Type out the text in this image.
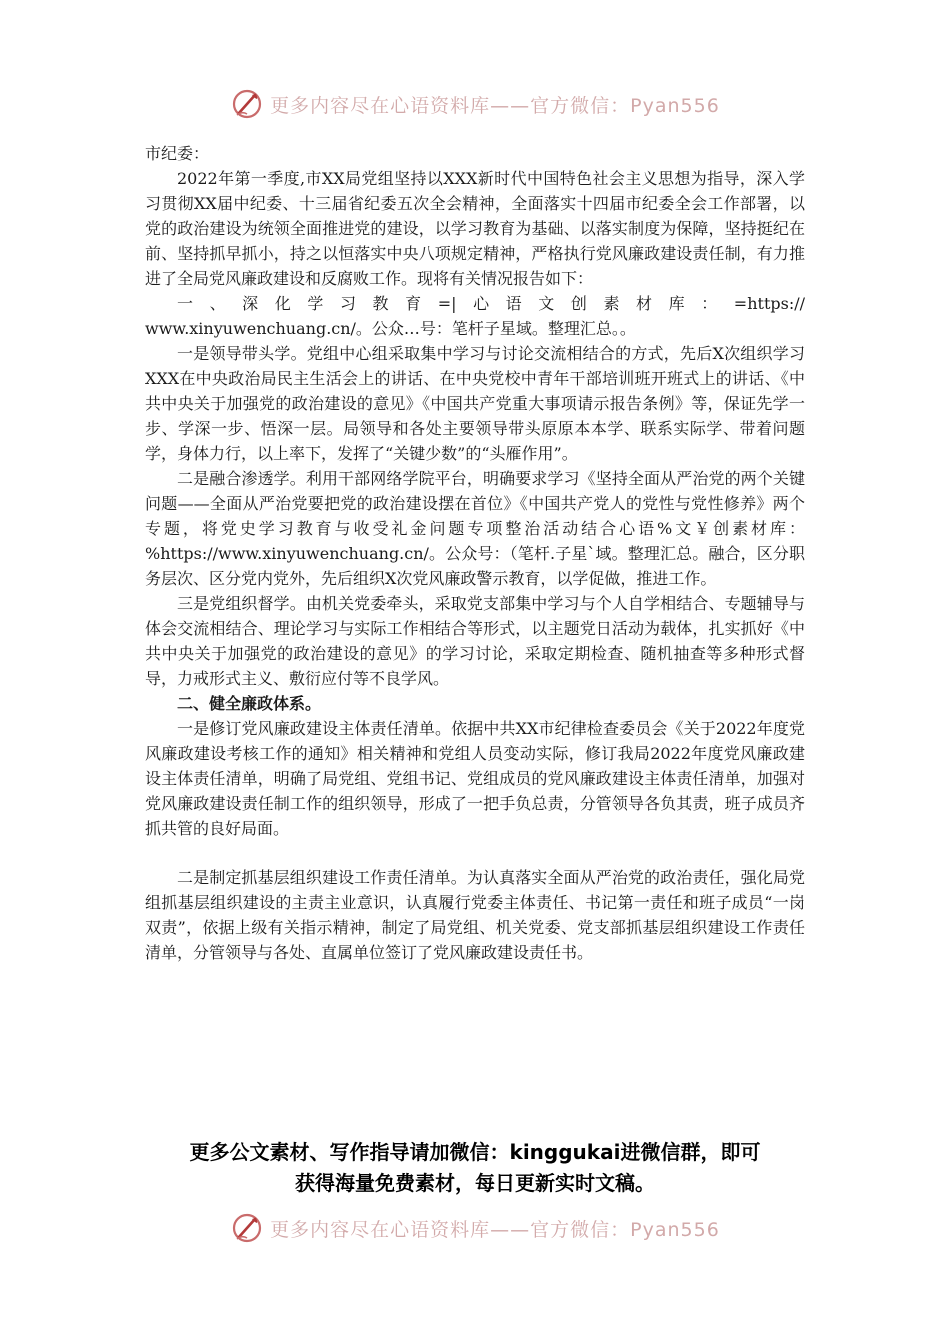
更多内容尽在心语资料库——官方微信：Pyan556

市纪委：

2022年第一季度,市XX局党组坚持以XXX新时代中国特色社会主义思想为指导，深入学习贯彻XX届中纪委、十三届省纪委五次全会精神，全面落实十四届市纪委全会工作部署，以党的政治建设为统领全面推进党的建设，以学习教育为基础、以落实制度为保障，坚持挺纪在前、坚持抓早抓小，持之以恒落实中央八项规定精神，严格执行党风廉政建设责任制，有力推进了全局党风廉政建设和反腐败工作。现将有关情况报告如下：

一、深化学习教育=|心语文创素材库：=https://

www.xinyuwenchuang.cn/。公众…号：笔杆子星域。整理汇总。。

一是领导带头学。党组中心组采取集中学习与讨论交流相结合的方式，先后X次组织学习XXX在中央政治局民主生活会上的讲话、在中央党校中青年干部培训班开班式上的讲话、《中共中央关于加强党的政治建设的意见》《中国共产党重大事项请示报告条例》等，保证先学一步、学深一步、悟深一层。局领导和各处主要领导带头原原本本学、联系实际学、带着问题学，身体力行，以上率下，发挥了“关键少数”的“头雁作用”。

二是融合渗透学。利用干部网络学院平台，明确要求学习《坚持全面从严治党的两个关键问题——全面从严治党要把党的政治建设摆在首位》《中国共产党人的党性与党性修养》两个专题，将党史学习教育与收受礼金问题专项整治活动结合心语%文￥创素材库：%https://www.xinyuwenchuang.cn/。公众号：（笔杆.子星`域。整理汇总。融合，区分职务层次、区分党内党外，先后组织X次党风廉政警示教育，以学促做，推进工作。

三是党组织督学。由机关党委牵头，采取党支部集中学习与个人自学相结合、专题辅导与体会交流相结合、理论学习与实际工作相结合等形式，以主题党日活动为载体，扎实抓好《中共中央关于加强党的政治建设的意见》的学习讨论，采取定期检查、随机抽查等多种形式督导，力戒形式主义、敷衍应付等不良学风。

二、健全廉政体系。

一是修订党风廉政建设主体责任清单。依据中共XX市纪律检查委员会《关于2022年度党风廉政建设考核工作的通知》相关精神和党组人员变动实际，修订我局2022年度党风廉政建设主体责任清单，明确了局党组、党组书记、党组成员的党风廉政建设主体责任清单，加强对党风廉政建设责任制工作的组织领导，形成了一把手负总责，分管领导各负其责，班子成员齐抓共管的良好局面。

二是制定抓基层组织建设工作责任清单。为认真落实全面从严治党的政治责任，强化局党组抓基层组织建设的主责主业意识，认真履行党委主体责任、书记第一责任和班子成员“一岗双责”，依据上级有关指示精神，制定了局党组、机关党委、党支部抓基层组织建设工作责任清单，分管领导与各处、直属单位签订了党风廉政建设责任书。

更多公文素材、写作指导请加微信：kinggukai进微信群，即可
获得海量免费素材，每日更新实时文稿。
更多内容尽在心语资料库——官方微信：Pyan556
